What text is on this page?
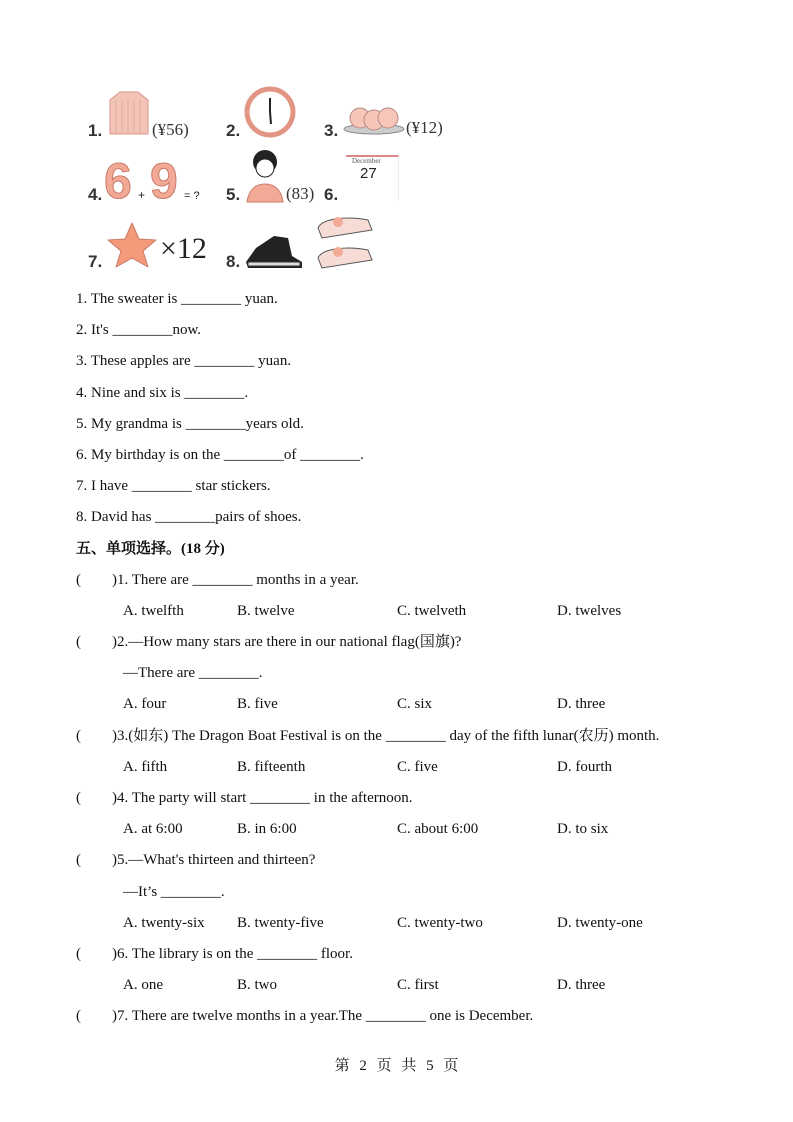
1.	(¥56) 2.	3.	(¥12)
4. 6 + 9 = ? 5.	(83) 6.
December
27
7. ×12 8.
1. The sweater is ________ yuan.
2. It's ________now.
3. These apples are ________ yuan.
4. Nine and six is ________.
5. My grandma is ________years old.
6. My birthday is on the ________of ________.
7. I have ________ star stickers.
8. David has ________pairs of shoes.
五、单项选择。(18 分)
( )1. There are ________ months in a year.
A. twelfth	B. twelve	C. twelveth	D. twelves
( )2.—How many stars are there in our national flag(国旗)?
—There are ________.
A. four	B. five	C. six	D. three
( )3.(如东) The Dragon Boat Festival is on the ________ day of the fifth lunar(农历) month.
A. fifth	B. fifteenth	C. five	D. fourth
( )4. The party will start ________ in the afternoon.
A. at 6:00	B. in 6:00	C. about 6:00	D. to six
( )5.—What's thirteen and thirteen?
—It’s ________.
A. twenty-six B. twenty-five	C. twenty-two	D. twenty-one
( )6. The library is on the ________ floor.
A. one	B. two	C. first	D. three
( )7. There are twelve months in a year.The ________ one is December.
第 2 页 共 5 页
